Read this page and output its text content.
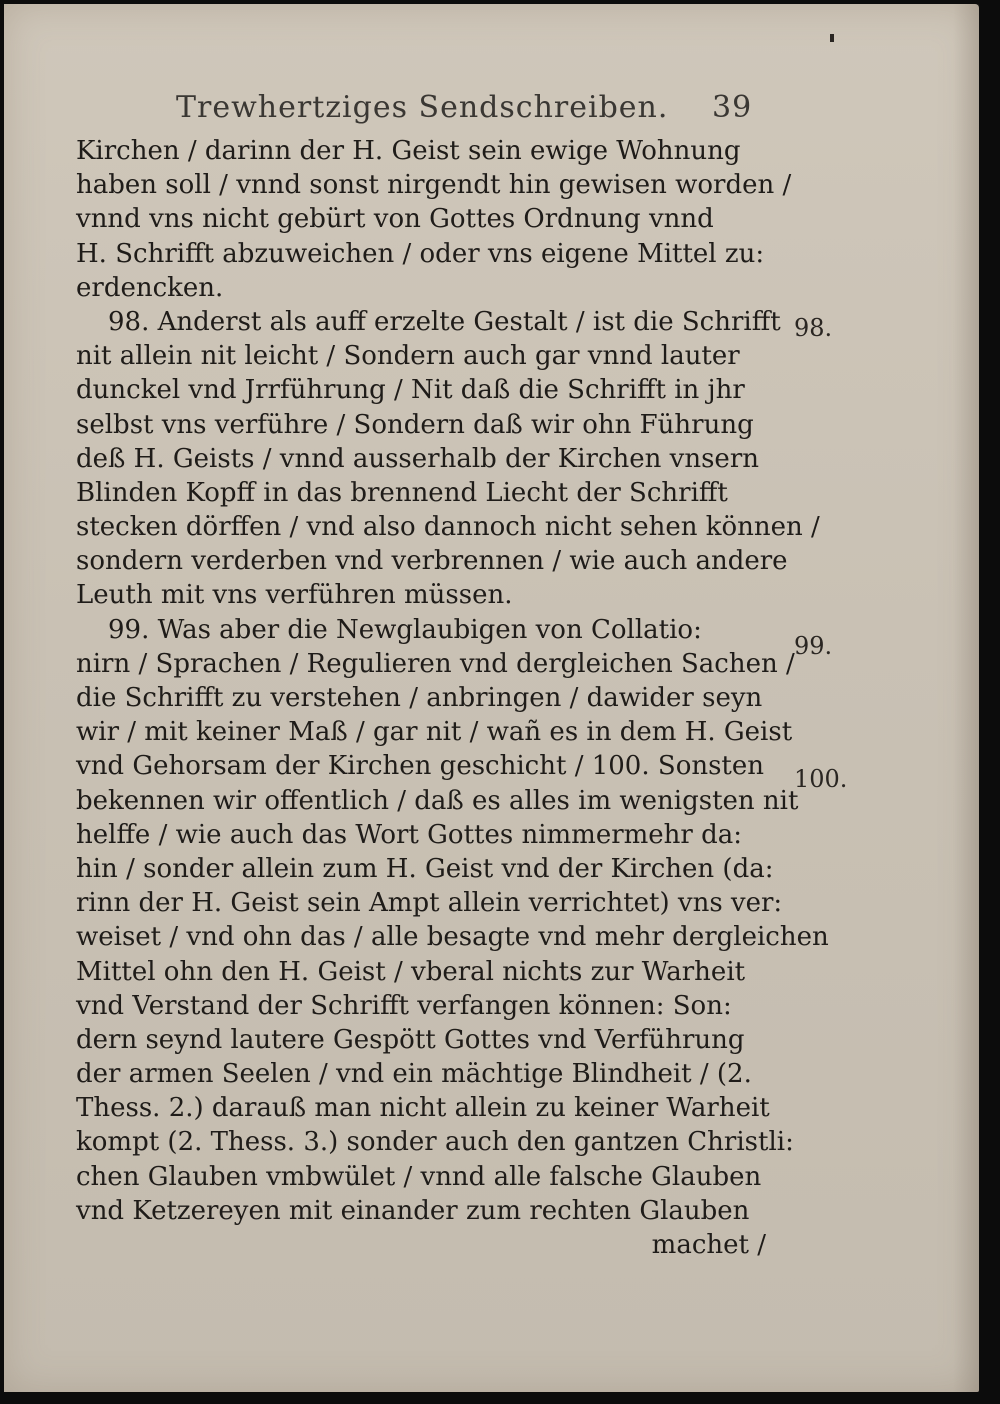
Trewhertziges Sendschreiben. 39
Kirchen / darinn der H. Geist sein ewige Wohnung
haben soll / vnnd sonst nirgendt hin gewisen worden /
vnnd vns nicht gebürt von Gottes Ordnung vnnd
H. Schrifft abzuweichen / oder vns eigene Mittel zu:
erdencken.
98. Anderst als auff erzelte Gestalt / ist die Schrifft
nit allein nit leicht / Sondern auch gar vnnd lauter
dunckel vnd Jrrführung / Nit daß die Schrifft in jhr
selbst vns verführe / Sondern daß wir ohn Führung
deß H. Geists / vnnd ausserhalb der Kirchen vnsern
Blinden Kopff in das brennend Liecht der Schrifft
stecken dörffen / vnd also dannoch nicht sehen können /
sondern verderben vnd verbrennen / wie auch andere
Leuth mit vns verführen müssen.
99. Was aber die Newglaubigen von Collatio:
nirn / Sprachen / Regulieren vnd dergleichen Sachen /
die Schrifft zu verstehen / anbringen / dawider seyn
wir / mit keiner Maß / gar nit / wañ es in dem H. Geist
vnd Gehorsam der Kirchen geschicht / 100. Sonsten
bekennen wir offentlich / daß es alles im wenigsten nit
helffe / wie auch das Wort Gottes nimmermehr da:
hin / sonder allein zum H. Geist vnd der Kirchen (da:
rinn der H. Geist sein Ampt allein verrichtet) vns ver:
weiset / vnd ohn das / alle besagte vnd mehr dergleichen
Mittel ohn den H. Geist / vberal nichts zur Warheit
vnd Verstand der Schrifft verfangen können: Son:
dern seynd lautere Gespött Gottes vnd Verführung
der armen Seelen / vnd ein mächtige Blindheit / (2.
Thess. 2.) darauß man nicht allein zu keiner Warheit
kompt (2. Thess. 3.) sonder auch den gantzen Christli:
chen Glauben vmbwület / vnnd alle falsche Glauben
vnd Ketzereyen mit einander zum rechten Glauben
machet /
98.
99.
100.
